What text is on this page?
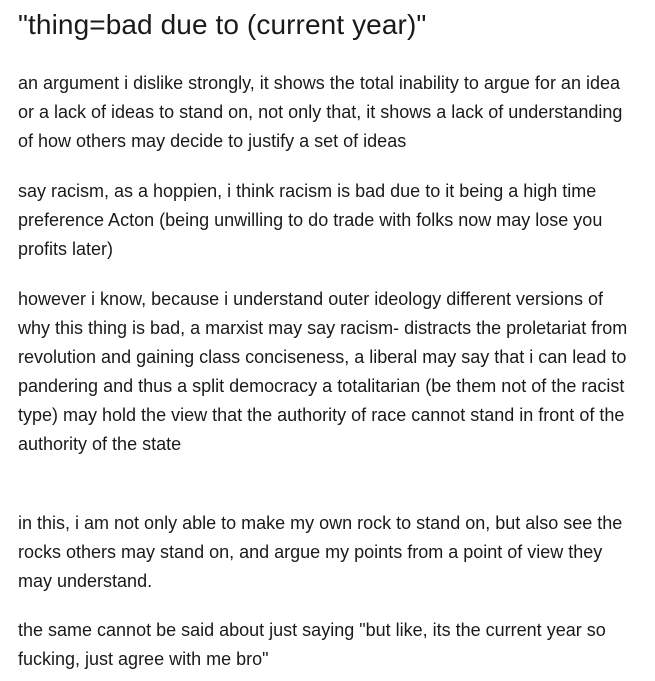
"thing=bad due to (current year)"

an argument i dislike strongly, it shows the total inability to argue for an idea or a lack of ideas to stand on, not only that, it shows a lack of understanding of how others may decide to justify a set of ideas

say racism, as a hoppien, i think racism is bad due to it being a high time preference Acton (being unwilling to do trade with folks now may lose you profits later)

however i know, because i understand outer ideology different versions of why this thing is bad, a marxist may say racism- distracts the proletariat from revolution and gaining class conciseness, a liberal may say that i can lead to pandering and thus a split democracy a totalitarian (be them not of the racist type) may hold the view that the authority of race cannot stand in front of the authority of the state

in this, i am not only able to make my own rock to stand on, but also see the rocks others may stand on, and argue my points from a point of view they may understand.

the same cannot be said about just saying "but like, its the current year so fucking, just agree with me bro"
